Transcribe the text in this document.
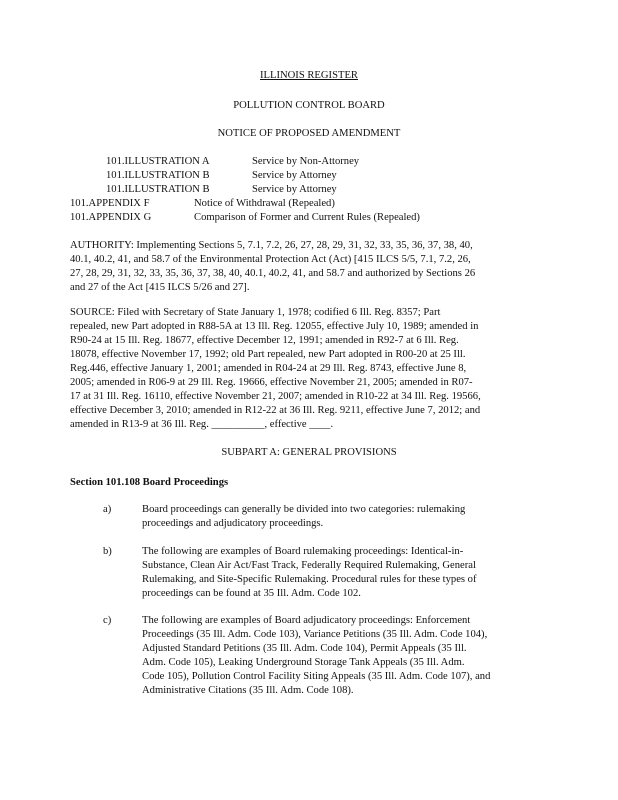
ILLINOIS REGISTER
POLLUTION CONTROL BOARD
NOTICE OF PROPOSED AMENDMENT
101.ILLUSTRATION A	Service by Non-Attorney
101.ILLUSTRATION B	Service by Attorney
101.ILLUSTRATION B	Service by Attorney
101.APPENDIX F	Notice of Withdrawal (Repealed)
101.APPENDIX G	Comparison of Former and Current Rules (Repealed)
AUTHORITY: Implementing Sections 5, 7.1, 7.2, 26, 27, 28, 29, 31, 32, 33, 35, 36, 37, 38, 40,
40.1, 40.2, 41, and 58.7 of the Environmental Protection Act (Act) [415 ILCS 5/5, 7.1, 7.2, 26,
27, 28, 29, 31, 32, 33, 35, 36, 37, 38, 40, 40.1, 40.2, 41, and 58.7 and authorized by Sections 26
and 27 of the Act [415 ILCS 5/26 and 27].
SOURCE: Filed with Secretary of State January 1, 1978; codified 6 Ill. Reg. 8357; Part
repealed, new Part adopted in R88-5A at 13 Ill. Reg. 12055, effective July 10, 1989; amended in
R90-24 at 15 Ill. Reg. 18677, effective December 12, 1991; amended in R92-7 at 6 Ill. Reg.
18078, effective November 17, 1992; old Part repealed, new Part adopted in R00-20 at 25 Ill.
Reg.446, effective January 1, 2001; amended in R04-24 at 29 Ill. Reg. 8743, effective June 8,
2005; amended in R06-9 at 29 Ill. Reg. 19666, effective November 21, 2005; amended in R07-
17 at 31 Ill. Reg. 16110, effective November 21, 2007; amended in R10-22 at 34 Ill. Reg. 19566,
effective December 3, 2010; amended in R12-22 at 36 Ill. Reg. 9211, effective June 7, 2012; and
amended in R13-9 at 36 Ill. Reg. __________, effective ____.
SUBPART A: GENERAL PROVISIONS
Section 101.108 Board Proceedings
a)	Board proceedings can generally be divided into two categories: rulemaking
proceedings and adjudicatory proceedings.
b)	The following are examples of Board rulemaking proceedings: Identical-in-
Substance, Clean Air Act/Fast Track, Federally Required Rulemaking, General
Rulemaking, and Site-Specific Rulemaking. Procedural rules for these types of
proceedings can be found at 35 Ill. Adm. Code 102.
c)	The following are examples of Board adjudicatory proceedings: Enforcement
Proceedings (35 Ill. Adm. Code 103), Variance Petitions (35 Ill. Adm. Code 104),
Adjusted Standard Petitions (35 Ill. Adm. Code 104), Permit Appeals (35 Ill.
Adm. Code 105), Leaking Underground Storage Tank Appeals (35 Ill. Adm.
Code 105), Pollution Control Facility Siting Appeals (35 Ill. Adm. Code 107), and
Administrative Citations (35 Ill. Adm. Code 108).
